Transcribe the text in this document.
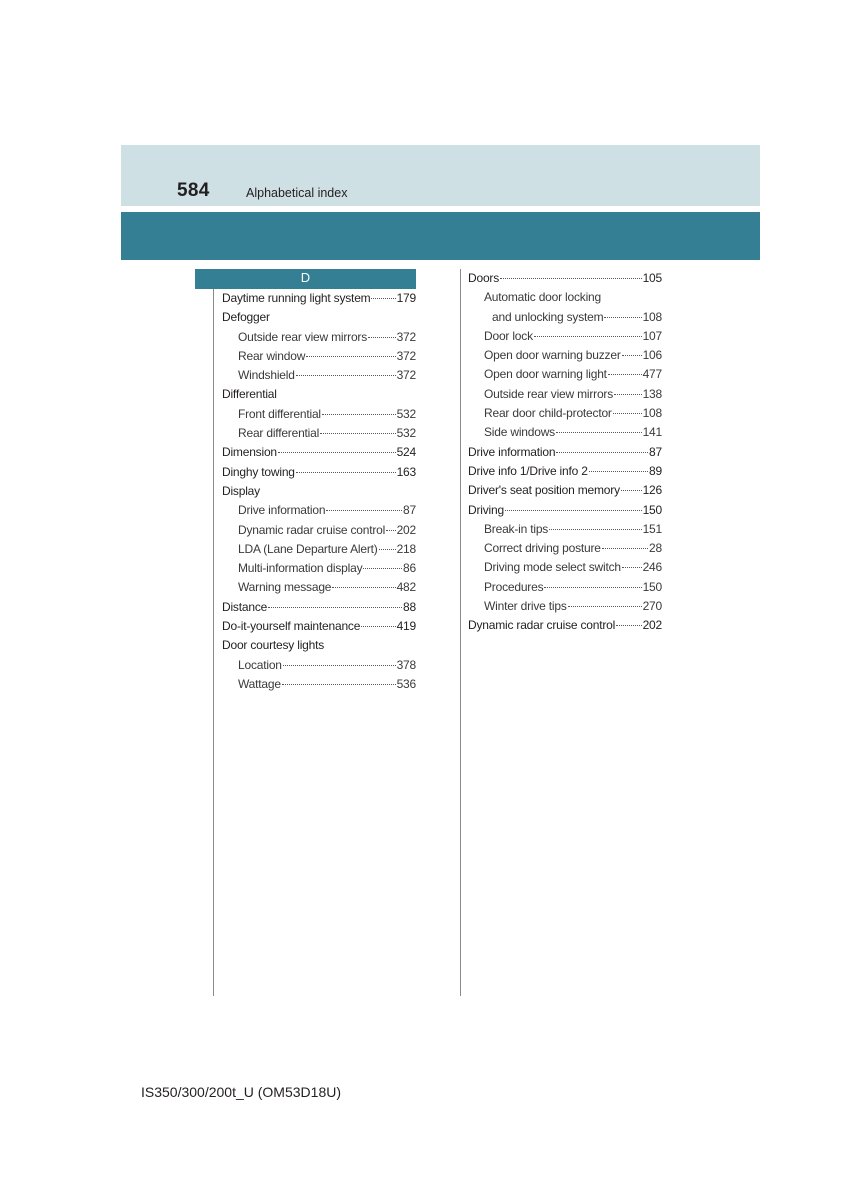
584	Alphabetical index
D
Daytime running light system 179
Defogger
Outside rear view mirrors 372
Rear window	372
Windshield	372
Differential
Front differential	532
Rear differential	532
Dimension	524
Dinghy towing	163
Display
Drive information	87
Dynamic radar cruise control 202
LDA (Lane Departure Alert) 218
Multi-information display	86
Warning message	482
Distance	88
Do-it-yourself maintenance	419
Door courtesy lights
Location	378
Wattage	536
Doors	105
Automatic door locking
and unlocking system	108
Door lock	107
Open door warning buzzer 106
Open door warning light	477
Outside rear view mirrors 138
Rear door child-protector	108
Side windows	141
Drive information	87
Drive info 1/Drive info 2	89
Driver's seat position memory 126
Driving	150
Break-in tips	151
Correct driving posture	28
Driving mode select switch 246
Procedures	150
Winter drive tips	270
Dynamic radar cruise control 202
IS350/300/200t_U (OM53D18U)
